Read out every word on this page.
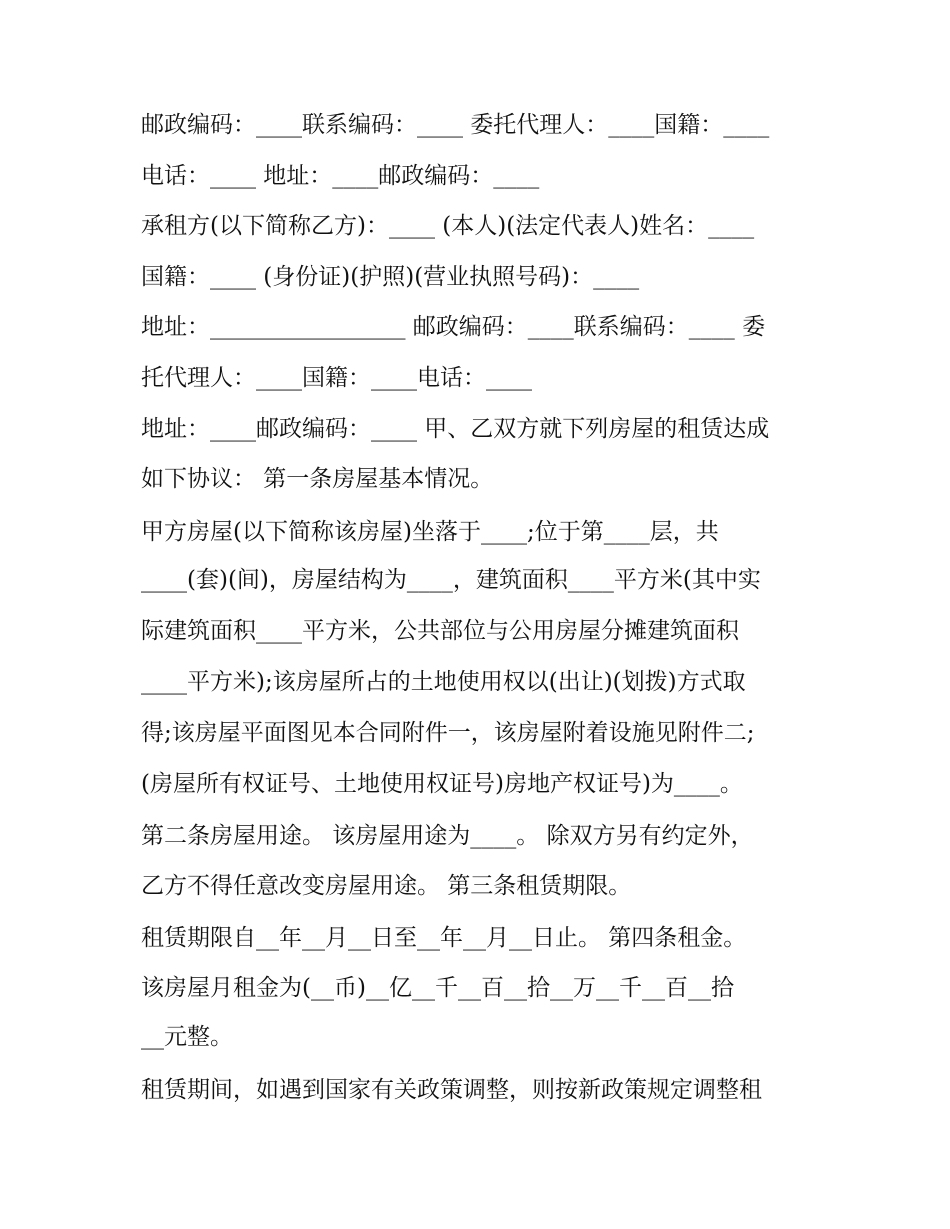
邮政编码：____联系编码：____ 委托代理人：____国籍：____

电话：____ 地址：____邮政编码：____

承租方(以下简称乙方)：____ (本人)(法定代表人)姓名：____

国籍：____ (身份证)(护照)(营业执照号码)：____

地址：_________________ 邮政编码：____联系编码：____ 委

托代理人：____国籍：____电话：____

地址：____邮政编码：____ 甲、乙双方就下列房屋的租赁达成

如下协议： 第一条房屋基本情况。

甲方房屋(以下简称该房屋)坐落于____;位于第____层，共

____(套)(间)，房屋结构为____，建筑面积____平方米(其中实

际建筑面积____平方米，公共部位与公用房屋分摊建筑面积

____平方米);该房屋所占的土地使用权以(出让)(划拨)方式取

得;该房屋平面图见本合同附件一，该房屋附着设施见附件二;

(房屋所有权证号、土地使用权证号)房地产权证号)为____。

第二条房屋用途。 该房屋用途为____。 除双方另有约定外，

乙方不得任意改变房屋用途。 第三条租赁期限。

租赁期限自__年__月__日至__年__月__日止。 第四条租金。

该房屋月租金为(__币)__亿__千__百__拾__万__千__百__拾

__元整。

租赁期间，如遇到国家有关政策调整，则按新政策规定调整租
